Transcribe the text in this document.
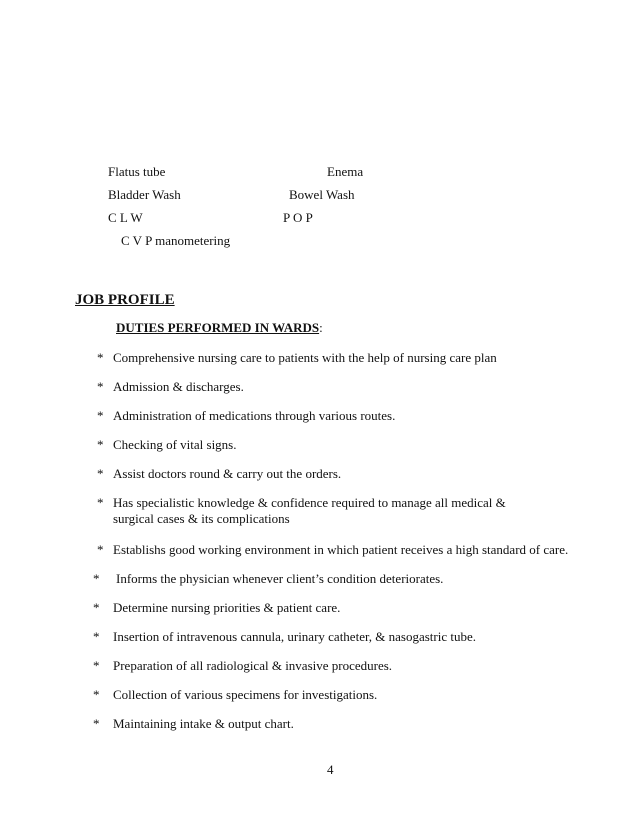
Flatus tube	Enema
Bladder Wash	Bowel Wash
C L W	P O P
C V P manometering
JOB PROFILE
DUTIES PERFORMED IN WARDS:
* Comprehensive nursing care to patients with the help of nursing care plan
* Admission & discharges.
* Administration of medications through various routes.
* Checking of vital signs.
* Assist doctors round & carry out the orders.
* Has specialistic knowledge & confidence required to manage all medical &
surgical cases & its complications
* Establishs good working environment in which patient receives a high standard of care.
* Informs the physician whenever client’s condition deteriorates.
* Determine nursing priorities & patient care.
* Insertion of intravenous cannula, urinary catheter, & nasogastric tube.
* Preparation of all radiological & invasive procedures.
* Collection of various specimens for investigations.
* Maintaining intake & output chart.
4
